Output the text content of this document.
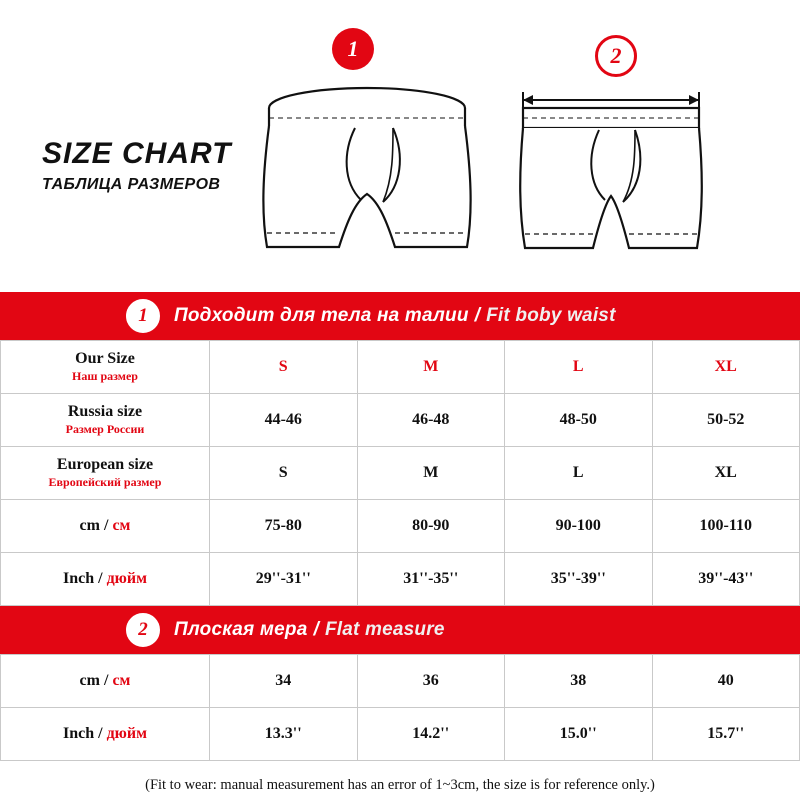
SIZE CHART
ТАБЛИЦА РАЗМЕРОВ
1	2
1	Подходит для тела на талии / Fit boby waist
Our Size
Наш размер	S	M	L	XL

Russia size
Размер России	44-46	46-48	48-50	50-52

European size
Европейский размер	S	M	L	XL
cm / см	75-80	80-90	90-100	100-110
Inch / дюйм	29''-31''	31''-35''	35''-39''	39''-43''
2	Плоская мера / Flat measure
cm / см	34	36	38	40
Inch / дюйм	13.3''	14.2''	15.0''	15.7''
(Fit to wear: manual measurement has an error of 1~3cm, the size is for reference only.)
